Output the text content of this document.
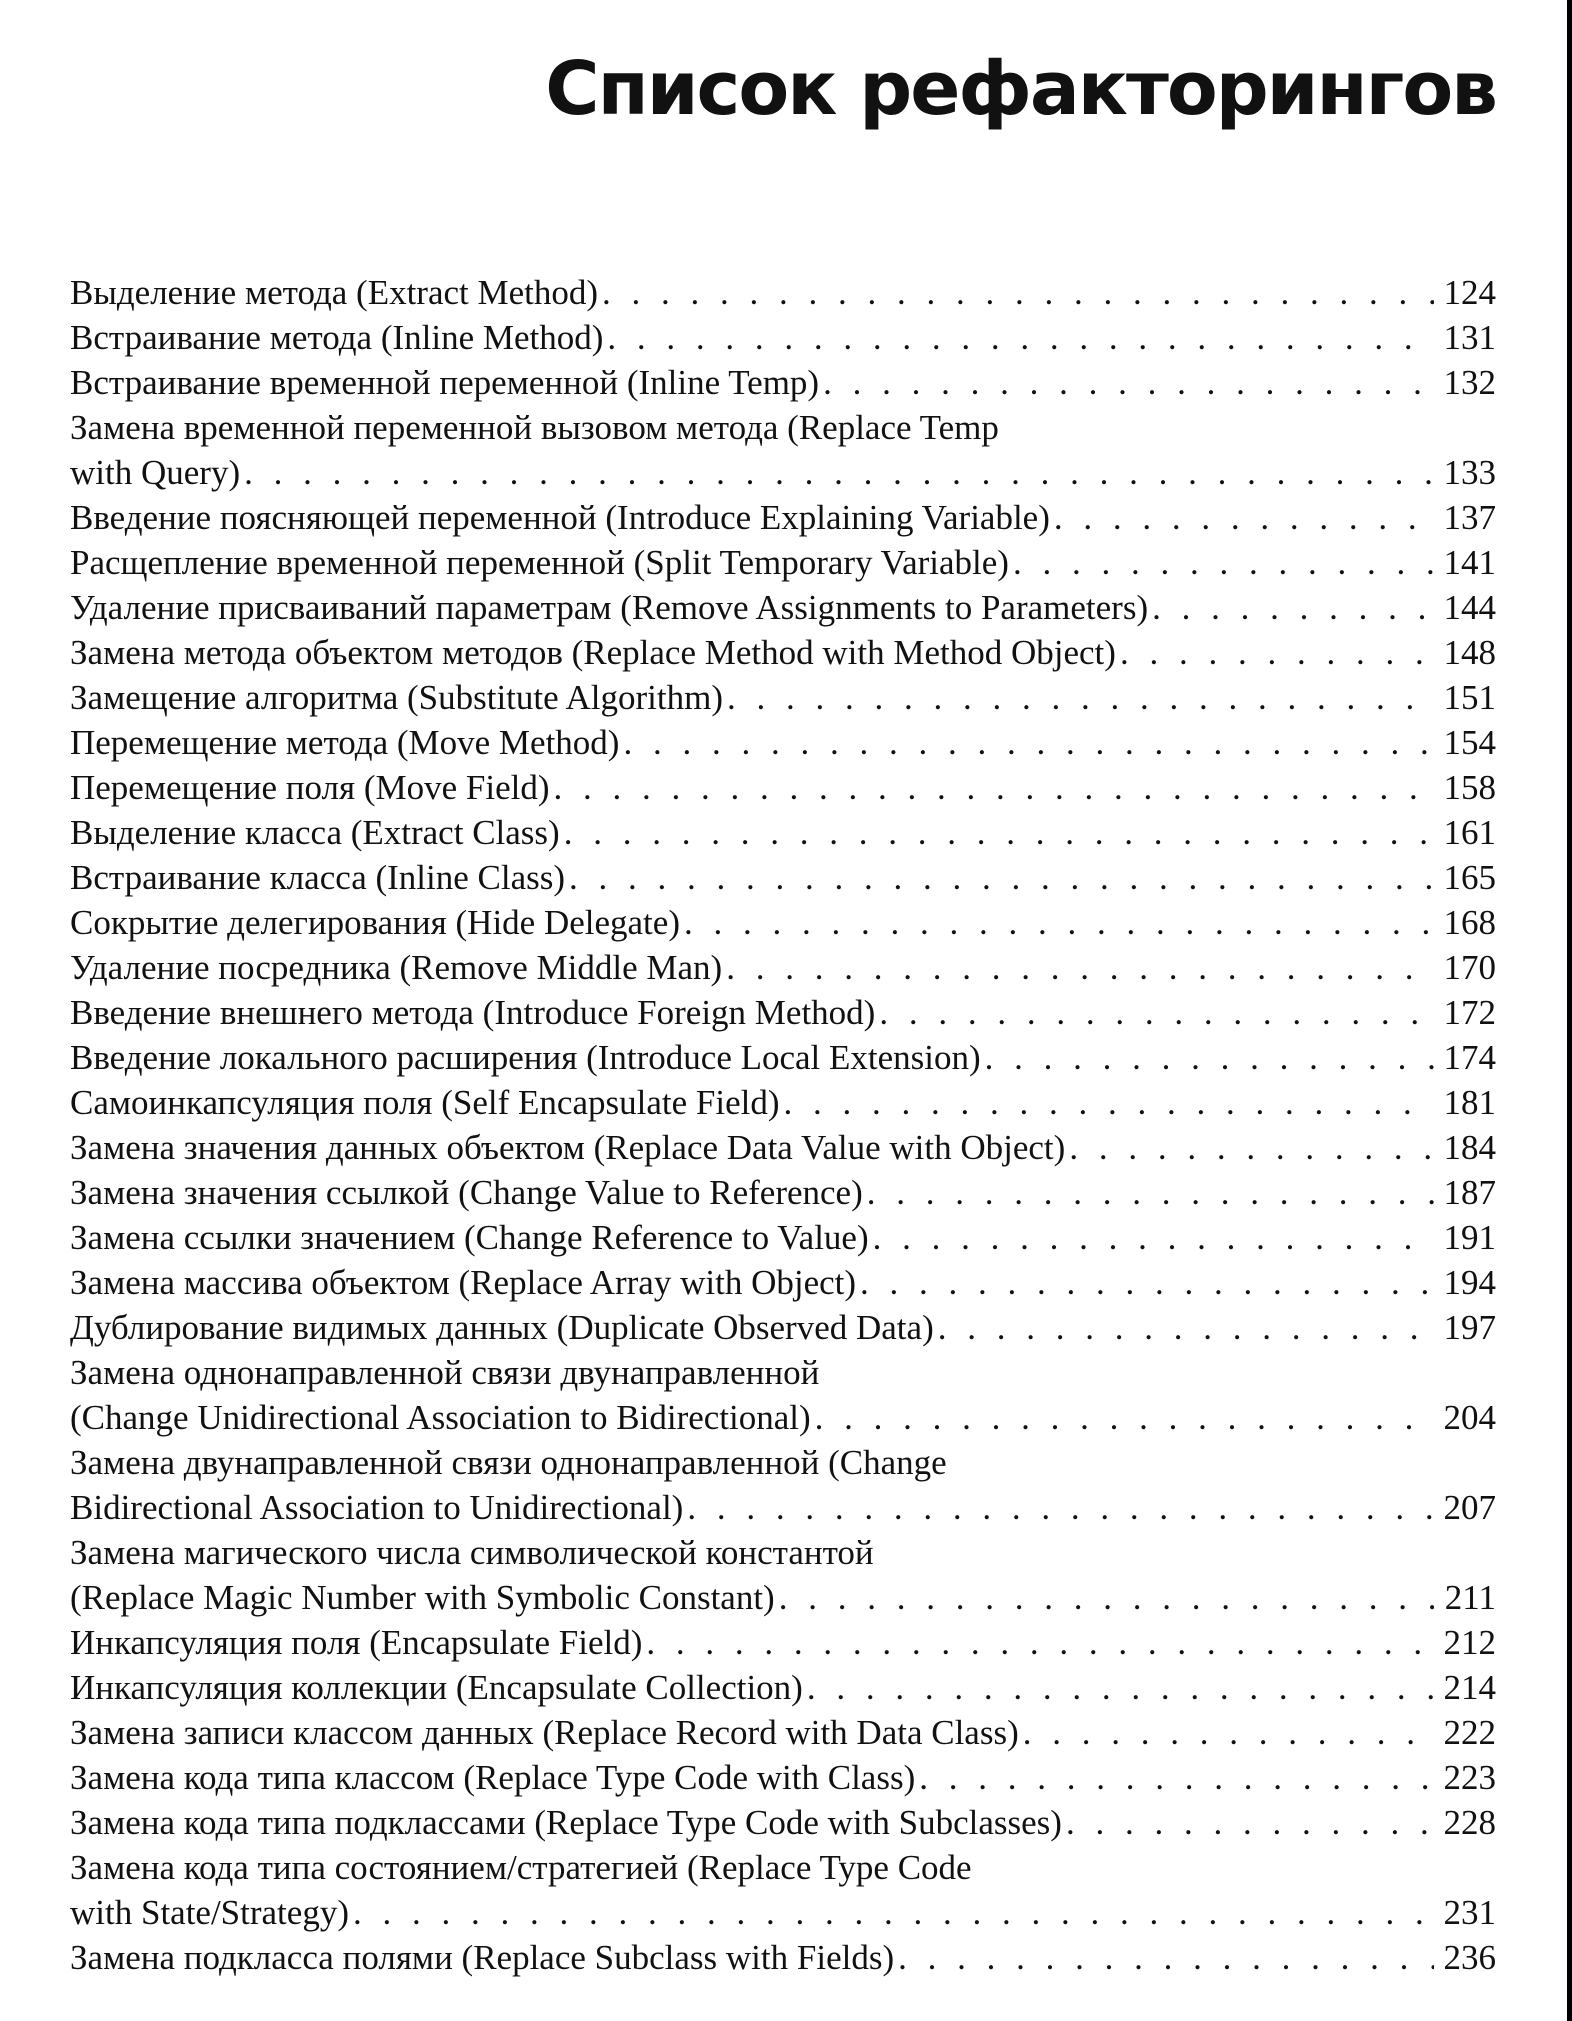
Список рефакторингов
Выделение метода (Extract Method) . . .	124
Встраивание метода (Inline Method) . . .	131
Встраивание временной переменной (Inline Temp) . . .	132
Замена временной переменной вызовом метода (Replace Temp
with Query) . . .	133
Введение поясняющей переменной (Introduce Explaining Variable) . . .	137
Расщепление временной переменной (Split Temporary Variable) . . .	141
Удаление присваиваний параметрам (Remove Assignments to Parameters) . . .	144
Замена метода объектом методов (Replace Method with Method Object) . . .	148
Замещение алгоритма (Substitute Algorithm) . . .	151
Перемещение метода (Move Method) . . .	154
Перемещение поля (Move Field) . . .	158
Выделение класса (Extract Class) . . .	161
Встраивание класса (Inline Class) . . .	165
Сокрытие делегирования (Hide Delegate) . . .	168
Удаление посредника (Remove Middle Man) . . .	170
Введение внешнего метода (Introduce Foreign Method) . . .	172
Введение локального расширения (Introduce Local Extension) . . .	174
Самоинкапсуляция поля (Self Encapsulate Field) . . .	181
Замена значения данных объектом (Replace Data Value with Object) . . .	184
Замена значения ссылкой (Change Value to Reference) . . .	187
Замена ссылки значением (Change Reference to Value) . . .	191
Замена массива объектом (Replace Array with Object) . . .	194
Дублирование видимых данных (Duplicate Observed Data) . . .	197
Замена однонаправленной связи двунаправленной
(Change Unidirectional Association to Bidirectional) . . .	204
Замена двунаправленной связи однонаправленной (Change
Bidirectional Association to Unidirectional) . . .	207
Замена магического числа символической константой
(Replace Magic Number with Symbolic Constant) . . .	211
Инкапсуляция поля (Encapsulate Field) . . .	212
Инкапсуляция коллекции (Encapsulate Collection) . . .	214
Замена записи классом данных (Replace Record with Data Class) . . .	222
Замена кода типа классом (Replace Type Code with Class) . . .	223
Замена кода типа подклассами (Replace Type Code with Subclasses) . . .	228
Замена кода типа состоянием/стратегией (Replace Type Code
with State/Strategy) . . .	231
Замена подкласса полями (Replace Subclass with Fields) . . .	236
